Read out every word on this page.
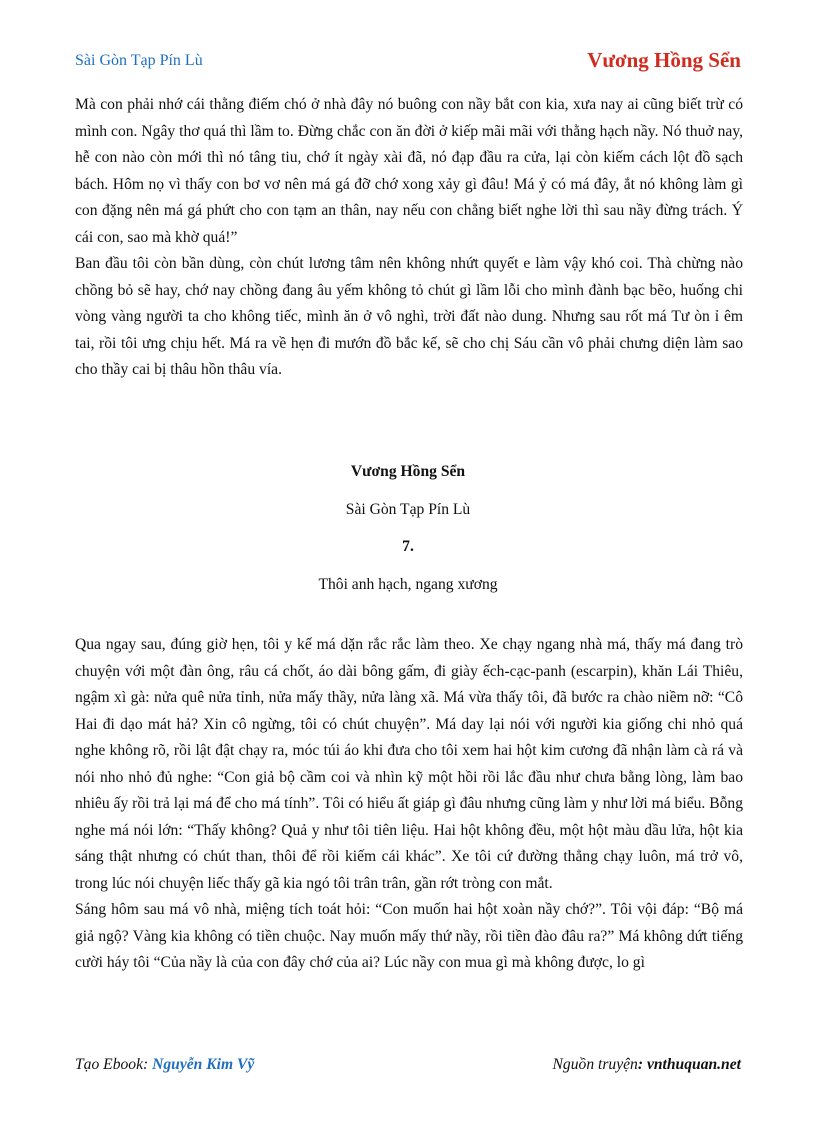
Sài Gòn Tạp Pín Lù	Vương Hồng Sển

Mà con phải nhớ cái thằng điếm chó ở nhà đây nó buông con nầy bắt con kia, xưa nay ai cũng biết trừ có mình con. Ngây thơ quá thì lầm to. Đừng chắc con ăn đời ở kiếp mãi mãi với thằng hạch nầy. Nó thuở nay, hễ con nào còn mới thì nó tâng tiu, chớ ít ngày xài đã, nó đạp đầu ra cửa, lại còn kiếm cách lột đồ sạch bách. Hôm nọ vì thấy con bơ vơ nên má gá đỡ chớ xong xảy gì đâu! Má ỷ có má đây, ắt nó không làm gì con đặng nên má gá phứt cho con tạm an thân, nay nếu con chẳng biết nghe lời thì sau nầy đừng trách. Ý cái con, sao mà khờ quá!”

Ban đầu tôi còn bần dùng, còn chút lương tâm nên không nhứt quyết e làm vậy khó coi. Thà chừng nào chồng bỏ sẽ hay, chớ nay chồng đang âu yếm không tỏ chút gì lầm lỗi cho mình đành bạc bẽo, huống chi vòng vàng người ta cho không tiếc, mình ăn ở vô nghì, trời đất nào dung. Nhưng sau rốt má Tư òn ỉ êm tai, rồi tôi ưng chịu hết. Má ra về hẹn đi mướn đồ bắc kế, sẽ cho chị Sáu cần vô phải chưng diện làm sao cho thầy cai bị thâu hồn thâu vía.

Vương Hồng Sển
Sài Gòn Tạp Pín Lù
7.
Thôi anh hạch, ngang xương

Qua ngay sau, đúng giờ hẹn, tôi y kế má dặn rắc rắc làm theo. Xe chạy ngang nhà má, thấy má đang trò chuyện với một đàn ông, râu cá chốt, áo dài bông gấm, đi giày ếch-cạc-panh (escarpin), khăn Lái Thiêu, ngậm xì gà: nửa quê nửa tỉnh, nửa mấy thầy, nửa làng xã. Má vừa thấy tôi, đã bước ra chào niềm nỡ: “Cô Hai đi dạo mát hả? Xin cô ngừng, tôi có chút chuyện”. Má day lại nói với người kia giống chi nhỏ quá nghe không rõ, rồi lật đật chạy ra, móc túi áo khi đưa cho tôi xem hai hột kim cương đã nhận làm cà rá và nói nho nhỏ đủ nghe: “Con giả bộ cầm coi và nhìn kỹ một hồi rồi lắc đầu như chưa bằng lòng, làm bao nhiêu ấy rồi trả lại má để cho má tính”. Tôi có hiểu ất giáp gì đâu nhưng cũng làm y như lời má biểu. Bỗng nghe má nói lớn: “Thấy không? Quả y như tôi tiên liệu. Hai hột không đều, một hột màu dầu lửa, hột kia sáng thật nhưng có chút than, thôi để rồi kiếm cái khác”. Xe tôi cứ đường thẳng chạy luôn, má trở vô, trong lúc nói chuyện liếc thấy gã kia ngó tôi trân trân, gần rớt tròng con mắt.

Sáng hôm sau má vô nhà, miệng tích toát hỏi: “Con muốn hai hột xoàn nầy chớ?”. Tôi vội đáp: “Bộ má giả ngộ? Vàng kia không có tiền chuộc. Nay muốn mấy thứ nầy, rồi tiền đào đâu ra?” Má không dứt tiếng cười háy tôi “Của nầy là của con đây chớ của ai? Lúc nầy con mua gì mà không được, lo gì

Tạo Ebook: Nguyễn Kim Vỹ	Nguồn truyện: vnthuquan.net
